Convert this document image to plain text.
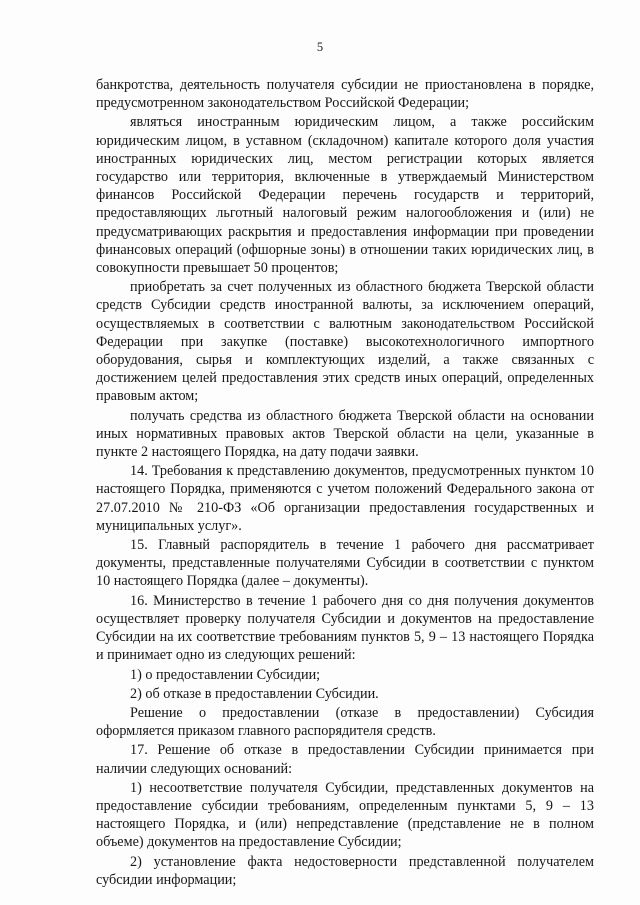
5

банкротства, деятельность получателя субсидии не приостановлена в порядке, предусмотренном законодательством Российской Федерации;

являться иностранным юридическим лицом, а также российским юридическим лицом, в уставном (складочном) капитале которого доля участия иностранных юридических лиц, местом регистрации которых является государство или территория, включенные в утверждаемый Министерством финансов Российской Федерации перечень государств и территорий, предоставляющих льготный налоговый режим налогообложения и (или) не предусматривающих раскрытия и предоставления информации при проведении финансовых операций (офшорные зоны) в отношении таких юридических лиц, в совокупности превышает 50 процентов;

приобретать за счет полученных из областного бюджета Тверской области средств Субсидии средств иностранной валюты, за исключением операций, осуществляемых в соответствии с валютным законодательством Российской Федерации при закупке (поставке) высокотехнологичного импортного оборудования, сырья и комплектующих изделий, а также связанных с достижением целей предоставления этих средств иных операций, определенных правовым актом;

получать средства из областного бюджета Тверской области на основании иных нормативных правовых актов Тверской области на цели, указанные в пункте 2 настоящего Порядка, на дату подачи заявки.

14. Требования к представлению документов, предусмотренных пунктом 10 настоящего Порядка, применяются с учетом положений Федерального закона от 27.07.2010 № 210-ФЗ «Об организации предоставления государственных и муниципальных услуг».

15. Главный распорядитель в течение 1 рабочего дня рассматривает документы, представленные получателями Субсидии в соответствии с пунктом 10 настоящего Порядка (далее – документы).

16. Министерство в течение 1 рабочего дня со дня получения документов осуществляет проверку получателя Субсидии и документов на предоставление Субсидии на их соответствие требованиям пунктов 5, 9 – 13 настоящего Порядка и принимает одно из следующих решений:

1) о предоставлении Субсидии;

2) об отказе в предоставлении Субсидии.

Решение о предоставлении (отказе в предоставлении) Субсидия оформляется приказом главного распорядителя средств.

17. Решение об отказе в предоставлении Субсидии принимается при наличии следующих оснований:

1) несоответствие получателя Субсидии, представленных документов на предоставление субсидии требованиям, определенным пунктами 5, 9 – 13 настоящего Порядка, и (или) непредставление (представление не в полном объеме) документов на предоставление Субсидии;

2) установление факта недостоверности представленной получателем субсидии информации;
